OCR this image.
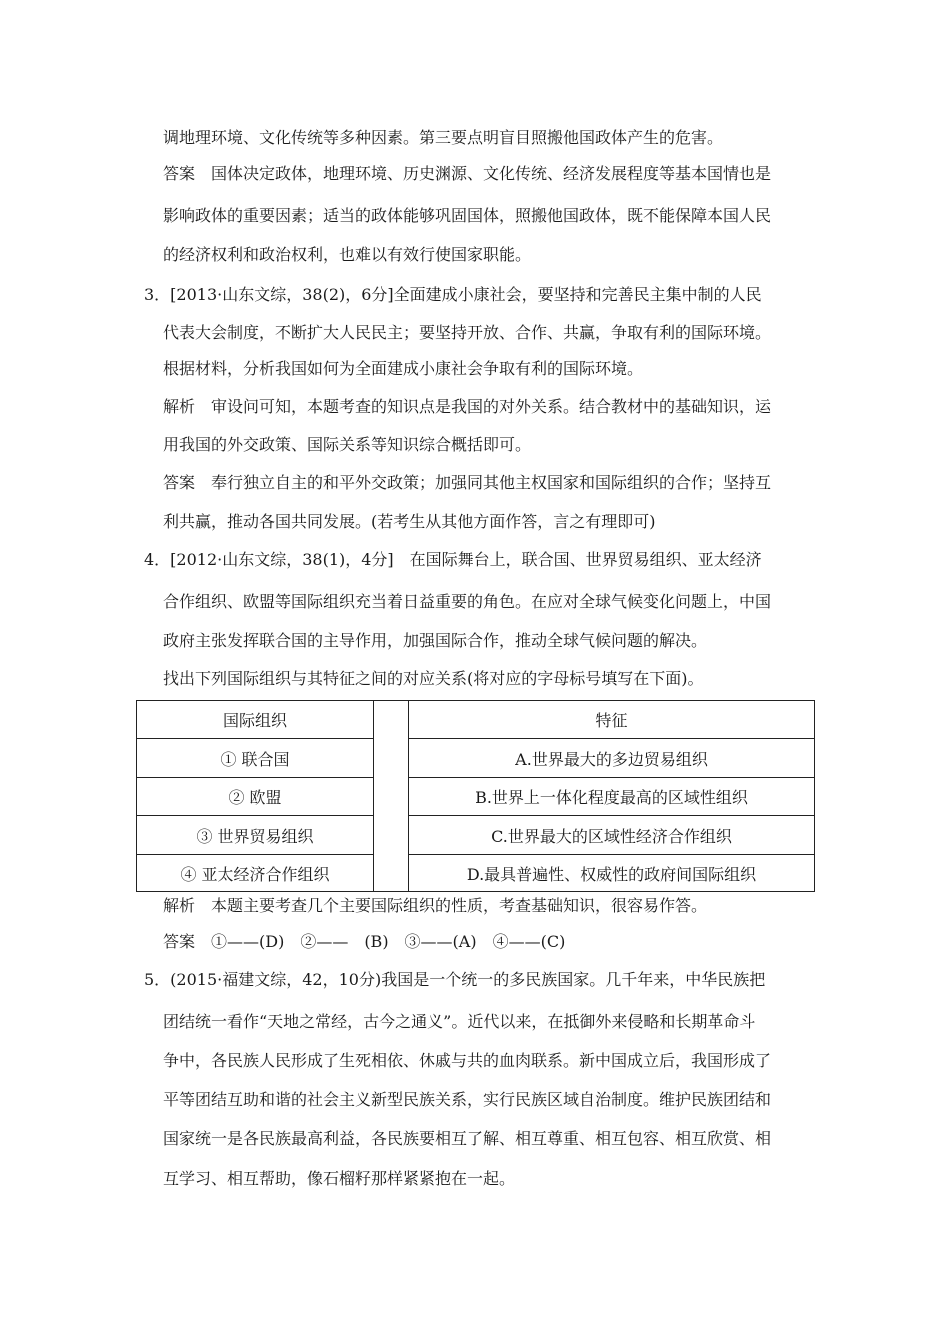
调地理环境、文化传统等多种因素。第三要点明盲目照搬他国政体产生的危害。
答案　国体决定政体，地理环境、历史渊源、文化传统、经济发展程度等基本国情也是
影响政体的重要因素；适当的政体能够巩固国体，照搬他国政体，既不能保障本国人民
的经济权利和政治权利，也难以有效行使国家职能。
3．[2013·山东文综，38(2)，6分]全面建成小康社会，要坚持和完善民主集中制的人民
代表大会制度，不断扩大人民民主；要坚持开放、合作、共赢，争取有利的国际环境。
根据材料，分析我国如何为全面建成小康社会争取有利的国际环境。
解析　审设问可知，本题考查的知识点是我国的对外关系。结合教材中的基础知识，运
用我国的外交政策、国际关系等知识综合概括即可。
答案　奉行独立自主的和平外交政策；加强同其他主权国家和国际组织的合作；坚持互
利共赢，推动各国共同发展。(若考生从其他方面作答，言之有理即可)
4．[2012·山东文综，38(1)，4分]　在国际舞台上，联合国、世界贸易组织、亚太经济
合作组织、欧盟等国际组织充当着日益重要的角色。在应对全球气候变化问题上，中国
政府主张发挥联合国的主导作用，加强国际合作，推动全球气候问题的解决。
找出下列国际组织与其特征之间的对应关系(将对应的字母标号填写在下面)。
国际组织	特征
① 联合国	A.世界最大的多边贸易组织
② 欧盟	B.世界上一体化程度最高的区域性组织
③ 世界贸易组织	C.世界最大的区域性经济合作组织
④ 亚太经济合作组织	D.最具普遍性、权威性的政府间国际组织
解析　本题主要考查几个主要国际组织的性质，考查基础知识，很容易作答。
答案　①——(D)　②——　(B)　③——(A)　④——(C)
5．(2015·福建文综，42，10分)我国是一个统一的多民族国家。几千年来，中华民族把
团结统一看作“天地之常经，古今之通义”。近代以来，在抵御外来侵略和长期革命斗
争中，各民族人民形成了生死相依、休戚与共的血肉联系。新中国成立后，我国形成了
平等团结互助和谐的社会主义新型民族关系，实行民族区域自治制度。维护民族团结和
国家统一是各民族最高利益，各民族要相互了解、相互尊重、相互包容、相互欣赏、相
互学习、相互帮助，像石榴籽那样紧紧抱在一起。
